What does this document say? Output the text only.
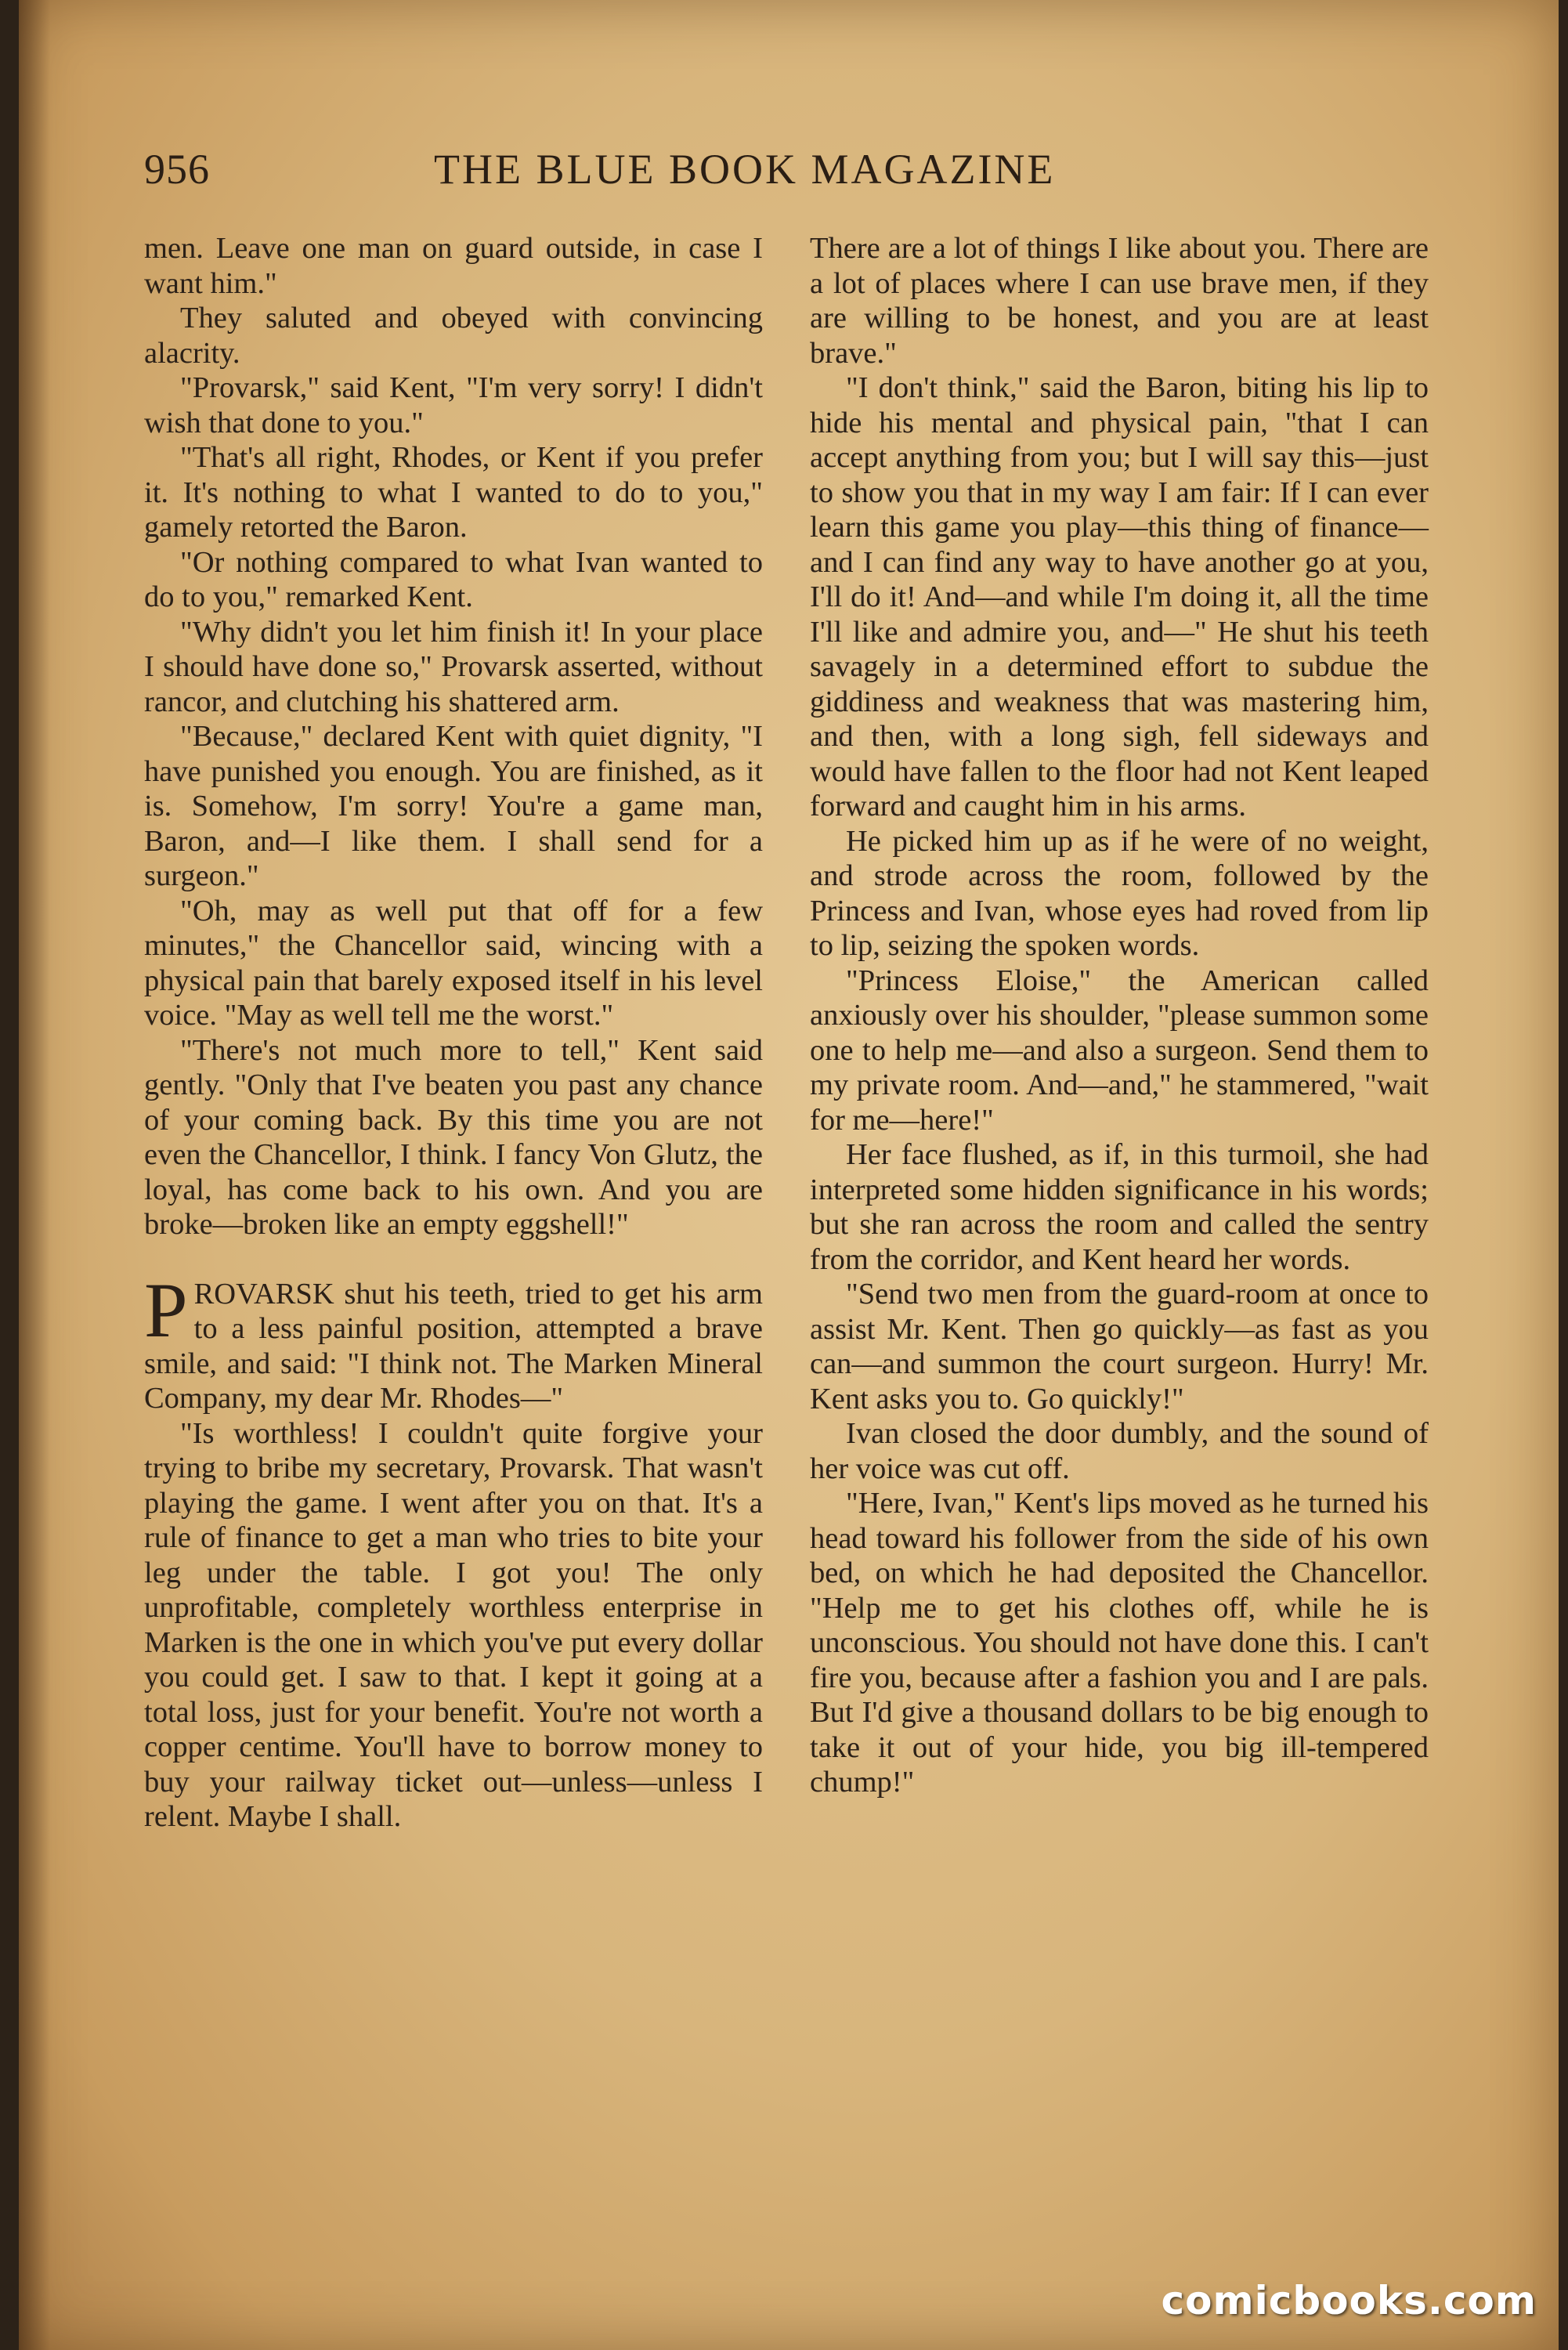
956	THE BLUE BOOK MAGAZINE

men. Leave one man on guard outside, in case I want him."

They saluted and obeyed with convincing alacrity.

"Provarsk," said Kent, "I'm very sorry! I didn't wish that done to you."

"That's all right, Rhodes, or Kent if you prefer it. It's nothing to what I wanted to do to you," gamely retorted the Baron.

"Or nothing compared to what Ivan wanted to do to you," remarked Kent.

"Why didn't you let him finish it! In your place I should have done so," Provarsk asserted, without rancor, and clutching his shattered arm.

"Because," declared Kent with quiet dignity, "I have punished you enough. You are finished, as it is. Somehow, I'm sorry! You're a game man, Baron, and—I like them. I shall send for a surgeon."

"Oh, may as well put that off for a few minutes," the Chancellor said, wincing with a physical pain that barely exposed itself in his level voice. "May as well tell me the worst."

"There's not much more to tell," Kent said gently. "Only that I've beaten you past any chance of your coming back. By this time you are not even the Chancellor, I think. I fancy Von Glutz, the loyal, has come back to his own. And you are broke—broken like an empty eggshell!"

PROVARSK shut his teeth, tried to get his arm to a less painful position, attempted a brave smile, and said: "I think not. The Marken Mineral Company, my dear Mr. Rhodes—"

"Is worthless! I couldn't quite forgive your trying to bribe my secretary, Provarsk. That wasn't playing the game. I went after you on that. It's a rule of finance to get a man who tries to bite your leg under the table. I got you! The only unprofitable, completely worthless enterprise in Marken is the one in which you've put every dollar you could get. I saw to that. I kept it going at a total loss, just for your benefit. You're not worth a copper centime. You'll have to borrow money to buy your railway ticket out—unless—unless I relent. Maybe I shall.

There are a lot of things I like about you. There are a lot of places where I can use brave men, if they are willing to be honest, and you are at least brave."

"I don't think," said the Baron, biting his lip to hide his mental and physical pain, "that I can accept anything from you; but I will say this—just to show you that in my way I am fair: If I can ever learn this game you play—this thing of finance—and I can find any way to have another go at you, I'll do it! And—and while I'm doing it, all the time I'll like and admire you, and—" He shut his teeth savagely in a determined effort to subdue the giddiness and weakness that was mastering him, and then, with a long sigh, fell sideways and would have fallen to the floor had not Kent leaped forward and caught him in his arms.

He picked him up as if he were of no weight, and strode across the room, followed by the Princess and Ivan, whose eyes had roved from lip to lip, seizing the spoken words.

"Princess Eloise," the American called anxiously over his shoulder, "please summon some one to help me—and also a surgeon. Send them to my private room. And—and," he stammered, "wait for me—here!"

Her face flushed, as if, in this turmoil, she had interpreted some hidden significance in his words; but she ran across the room and called the sentry from the corridor, and Kent heard her words.

"Send two men from the guard-room at once to assist Mr. Kent. Then go quickly—as fast as you can—and summon the court surgeon. Hurry! Mr. Kent asks you to. Go quickly!"

Ivan closed the door dumbly, and the sound of her voice was cut off.

"Here, Ivan," Kent's lips moved as he turned his head toward his follower from the side of his own bed, on which he had deposited the Chancellor. "Help me to get his clothes off, while he is unconscious. You should not have done this. I can't fire you, because after a fashion you and I are pals. But I'd give a thousand dollars to be big enough to take it out of your hide, you big ill-tempered chump!"

comicbooks.com
